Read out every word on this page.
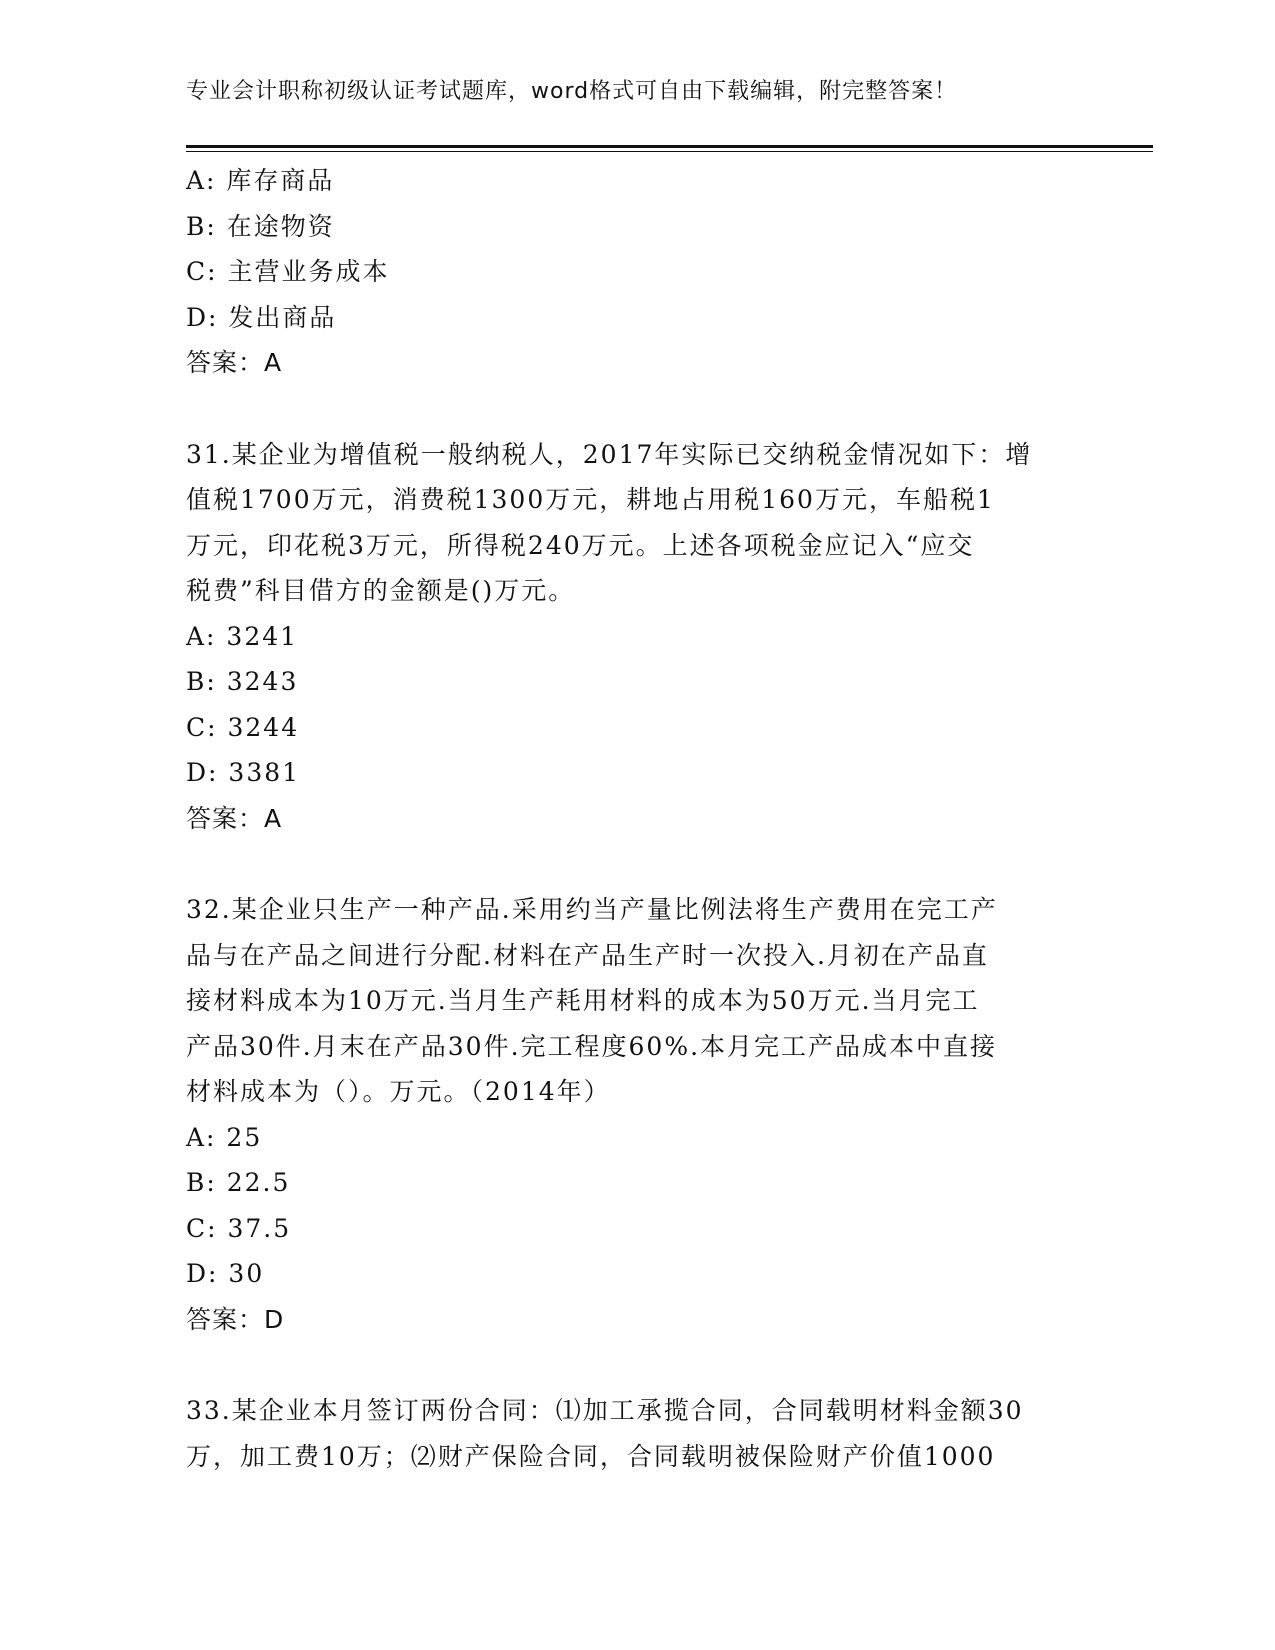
专业会计职称初级认证考试题库，word格式可自由下载编辑，附完整答案！
A: 库存商品
B: 在途物资
C: 主营业务成本
D: 发出商品
答案：A
31.某企业为增值税一般纳税人，2017年实际已交纳税金情况如下：增
值税1700万元，消费税1300万元，耕地占用税160万元，车船税1
万元，印花税3万元，所得税240万元。上述各项税金应记入“应交
税费”科目借方的金额是()万元。
A: 3241
B: 3243
C: 3244
D: 3381
答案：A
32.某企业只生产一种产品.采用约当产量比例法将生产费用在完工产
品与在产品之间进行分配.材料在产品生产时一次投入.月初在产品直
接材料成本为10万元.当月生产耗用材料的成本为50万元.当月完工
产品30件.月末在产品30件.完工程度60%.本月完工产品成本中直接
材料成本为（）。万元。（2014年）
A: 25
B: 22.5
C: 37.5
D: 30
答案：D
33.某企业本月签订两份合同：⑴加工承揽合同，合同载明材料金额30
万，加工费10万；⑵财产保险合同，合同载明被保险财产价值1000
